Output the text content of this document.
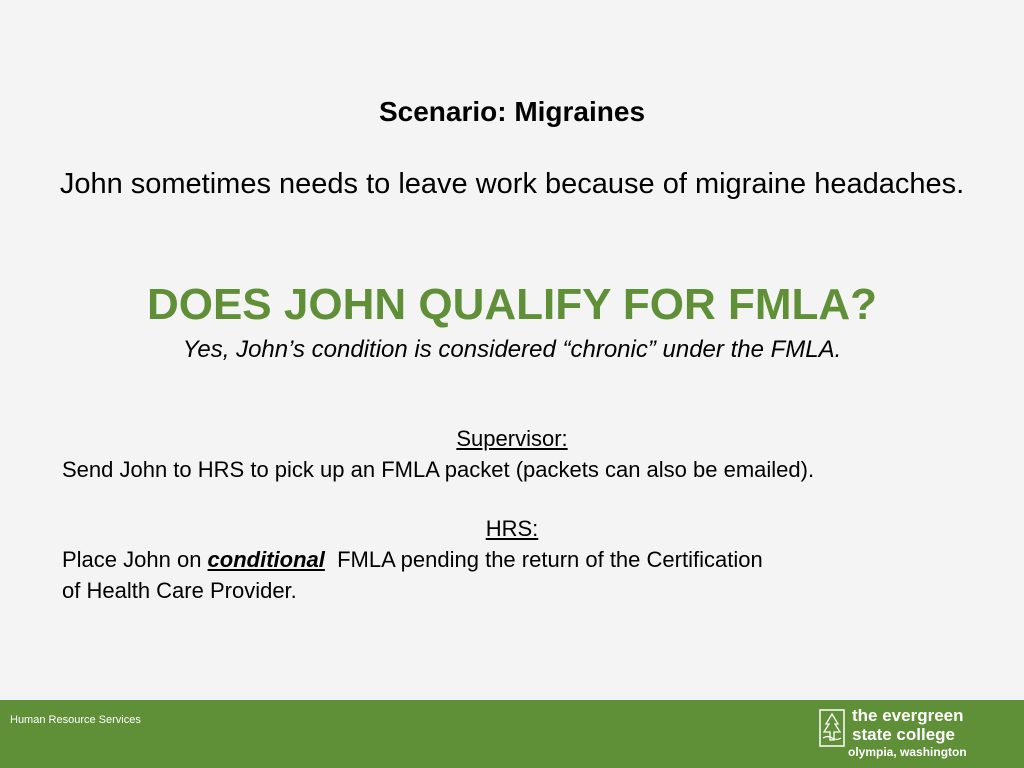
Scenario: Migraines
John sometimes needs to leave work because of migraine headaches.
DOES JOHN QUALIFY FOR FMLA?
Yes, John’s condition is considered “chronic” under the FMLA.
Supervisor:
Send John to HRS to pick up an FMLA packet (packets can also be emailed).
HRS:
Place John on conditional  FMLA pending the return of the Certification
of Health Care Provider.
Human Resource Services	the evergreen
state college
olympia, washington
